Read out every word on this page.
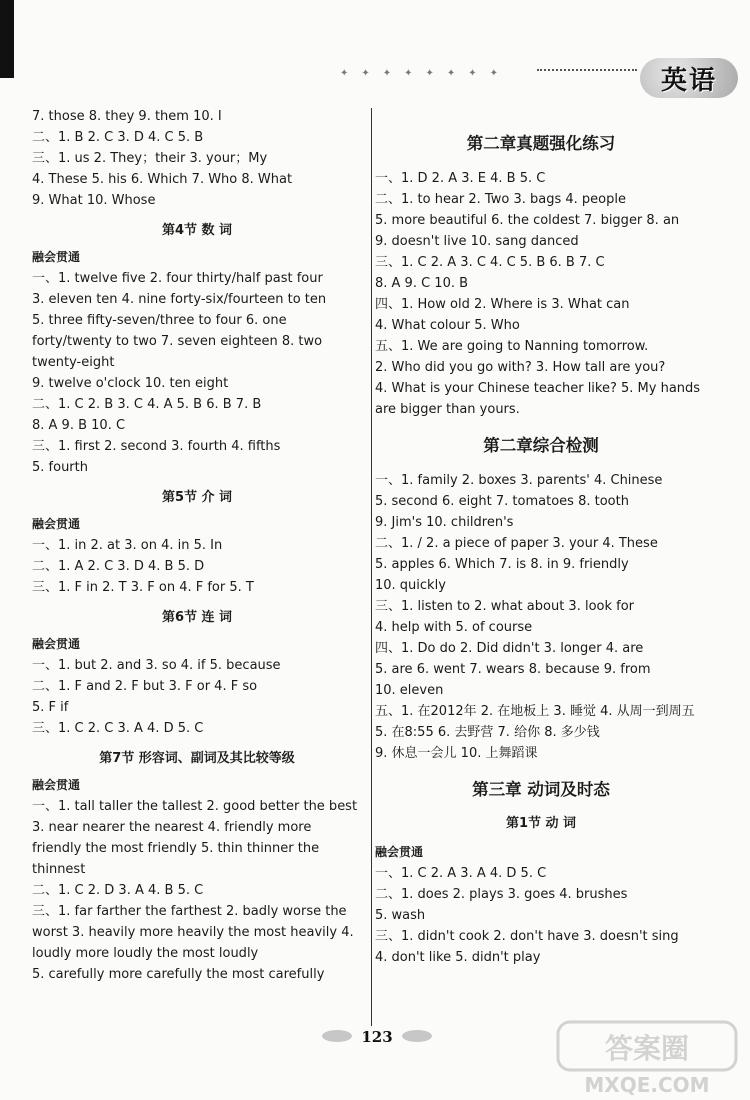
✦✦✦✦✦✦✦✦	英语
7. those 8. they 9. them 10. I
二、1. B 2. C 3. D 4. C 5. B
三、1. us 2. They；their 3. your；My
4. These 5. his 6. Which 7. Who 8. What
9. What 10. Whose
第4节 数 词
融会贯通
一、1. twelve five 2. four thirty/half past four
3. eleven ten 4. nine forty-six/fourteen to ten
5. three fifty-seven/three to four 6. one forty/twenty to two 7. seven eighteen 8. two twenty-eight
9. twelve o'clock 10. ten eight
二、1. C 2. B 3. C 4. A 5. B 6. B 7. B
8. A 9. B 10. C
三、1. first 2. second 3. fourth 4. fifths
5. fourth
第5节 介 词
融会贯通
一、1. in 2. at 3. on 4. in 5. In
二、1. A 2. C 3. D 4. B 5. D
三、1. F in 2. T 3. F on 4. F for 5. T
第6节 连 词
融会贯通
一、1. but 2. and 3. so 4. if 5. because
二、1. F and 2. F but 3. F or 4. F so
5. F if
三、1. C 2. C 3. A 4. D 5. C
第7节 形容词、副词及其比较等级
融会贯通
一、1. tall taller the tallest 2. good better the best 3. near nearer the nearest 4. friendly more friendly the most friendly 5. thin thinner the thinnest
二、1. C 2. D 3. A 4. B 5. C
三、1. far farther the farthest 2. badly worse the worst 3. heavily more heavily the most heavily 4. loudly more loudly the most loudly
5. carefully more carefully the most carefully
第二章真题强化练习
一、1. D 2. A 3. E 4. B 5. C
二、1. to hear 2. Two 3. bags 4. people
5. more beautiful 6. the coldest 7. bigger 8. an
9. doesn't live 10. sang danced
三、1. C 2. A 3. C 4. C 5. B 6. B 7. C
8. A 9. C 10. B
四、1. How old 2. Where is 3. What can
4. What colour 5. Who
五、1. We are going to Nanning tomorrow.
2. Who did you go with? 3. How tall are you?
4. What is your Chinese teacher like? 5. My hands are bigger than yours.
第二章综合检测
一、1. family 2. boxes 3. parents' 4. Chinese
5. second 6. eight 7. tomatoes 8. tooth
9. Jim's 10. children's
二、1. / 2. a piece of paper 3. your 4. These
5. apples 6. Which 7. is 8. in 9. friendly
10. quickly
三、1. listen to 2. what about 3. look for
4. help with 5. of course
四、1. Do do 2. Did didn't 3. longer 4. are
5. are 6. went 7. wears 8. because 9. from
10. eleven
五、1. 在2012年 2. 在地板上 3. 睡觉 4. 从周一到周五 5. 在8:55 6. 去野营 7. 给你 8. 多少钱
9. 休息一会儿 10. 上舞蹈课
第三章 动词及时态
第1节 动 词
融会贯通
一、1. C 2. A 3. A 4. D 5. C
二、1. does 2. plays 3. goes 4. brushes
5. wash
三、1. didn't cook 2. don't have 3. doesn't sing
4. don't like 5. didn't play
123	答案圈
MXQE.COM
